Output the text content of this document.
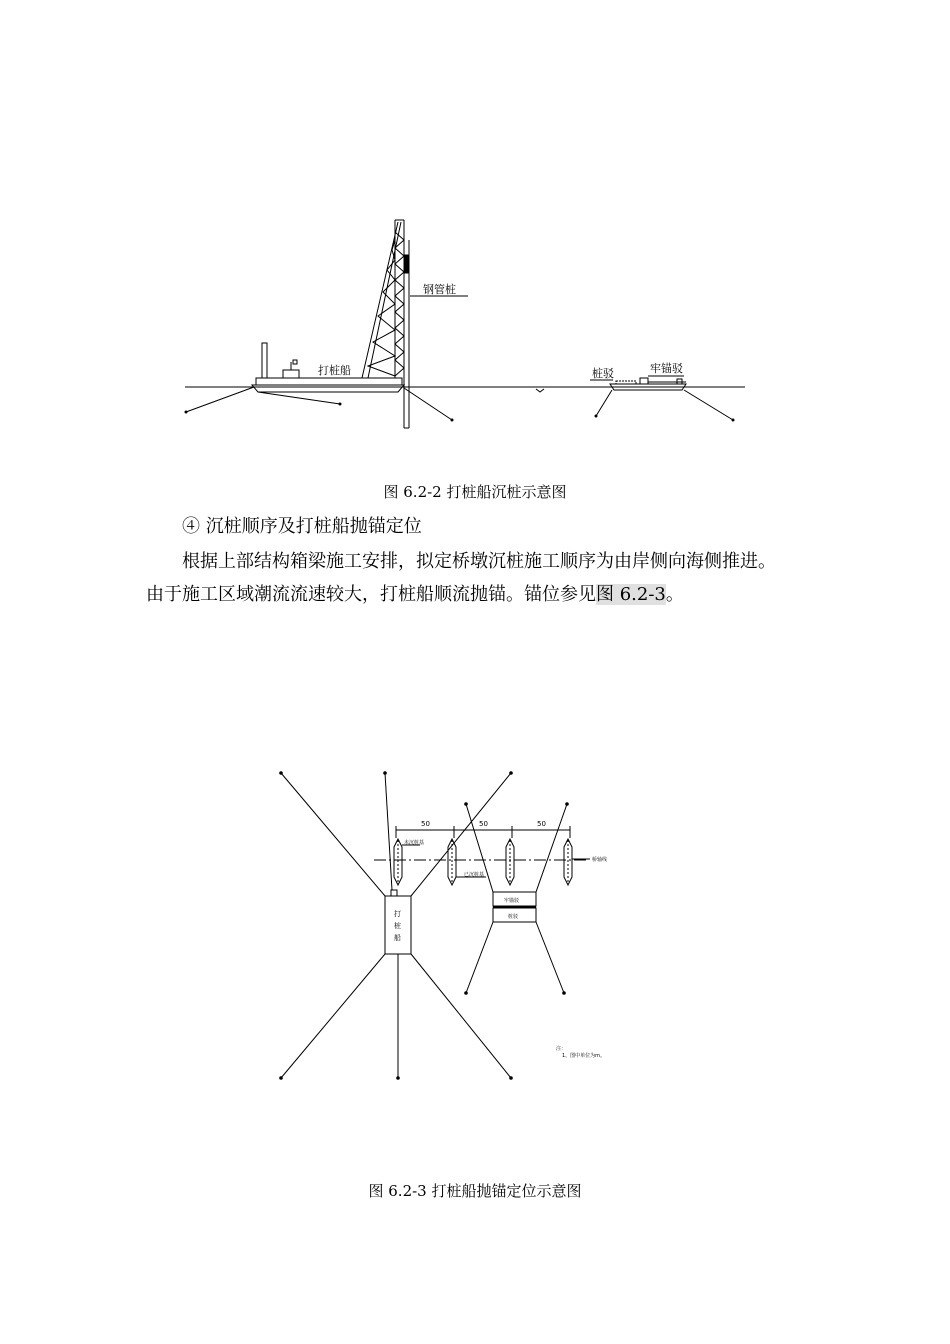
钢管桩
打桩船	桩驳	牢锚驳
图 6.2-2 打桩船沉桩示意图
④ 沉桩顺序及打桩船抛锚定位
根据上部结构箱梁施工安排，拟定桥墩沉桩施工顺序为由岸侧向海侧推进。
由于施工区域潮流流速较大，打桩船顺流抛锚。锚位参见图 6.2-3。
50	50	50
未沉桩基
已沉桩基
桥轴线
牢锚驳
桩驳
注：
1、图中单位为m。
打
桩
船
图 6.2-3 打桩船抛锚定位示意图
